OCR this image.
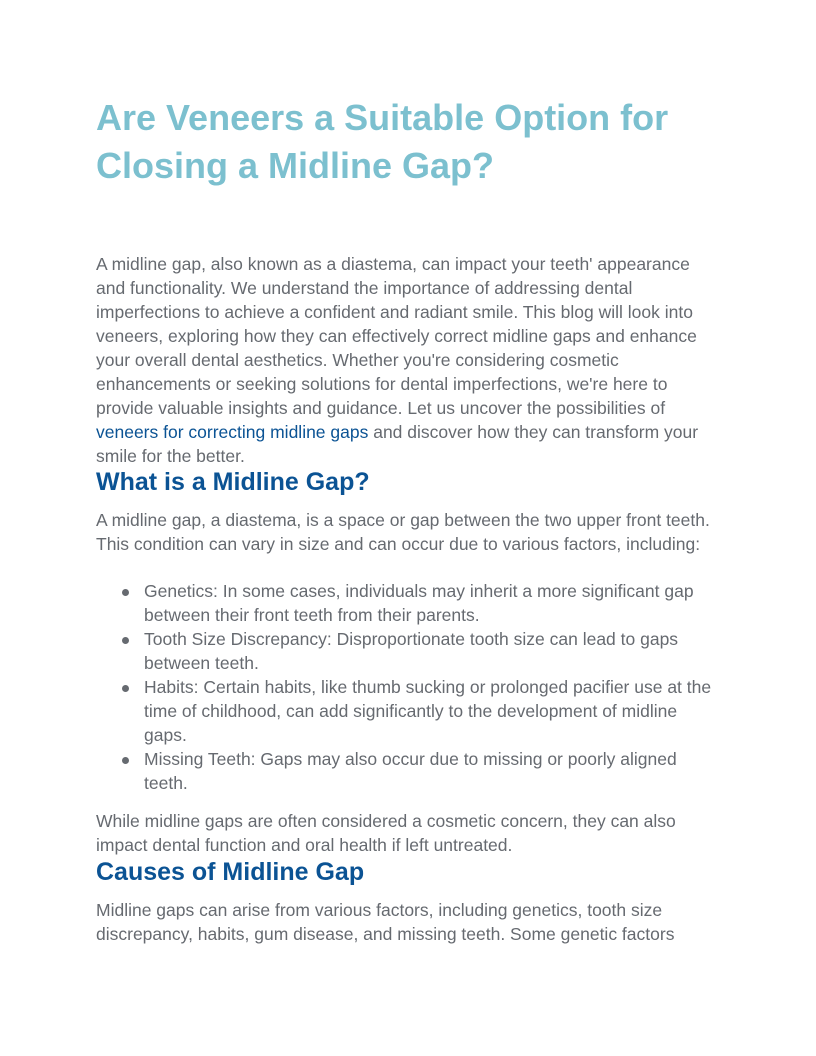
Are Veneers a Suitable Option for Closing a Midline Gap?

A midline gap, also known as a diastema, can impact your teeth' appearance and functionality. We understand the importance of addressing dental imperfections to achieve a confident and radiant smile. This blog will look into veneers, exploring how they can effectively correct midline gaps and enhance your overall dental aesthetics. Whether you're considering cosmetic enhancements or seeking solutions for dental imperfections, we're here to provide valuable insights and guidance. Let us uncover the possibilities of veneers for correcting midline gaps and discover how they can transform your smile for the better.

What is a Midline Gap?

A midline gap, a diastema, is a space or gap between the two upper front teeth. This condition can vary in size and can occur due to various factors, including:

Genetics: In some cases, individuals may inherit a more significant gap between their front teeth from their parents.
Tooth Size Discrepancy: Disproportionate tooth size can lead to gaps between teeth.
Habits: Certain habits, like thumb sucking or prolonged pacifier use at the time of childhood, can add significantly to the development of midline gaps.
Missing Teeth: Gaps may also occur due to missing or poorly aligned teeth.

While midline gaps are often considered a cosmetic concern, they can also impact dental function and oral health if left untreated.

Causes of Midline Gap

Midline gaps can arise from various factors, including genetics, tooth size discrepancy, habits, gum disease, and missing teeth. Some genetic factors
